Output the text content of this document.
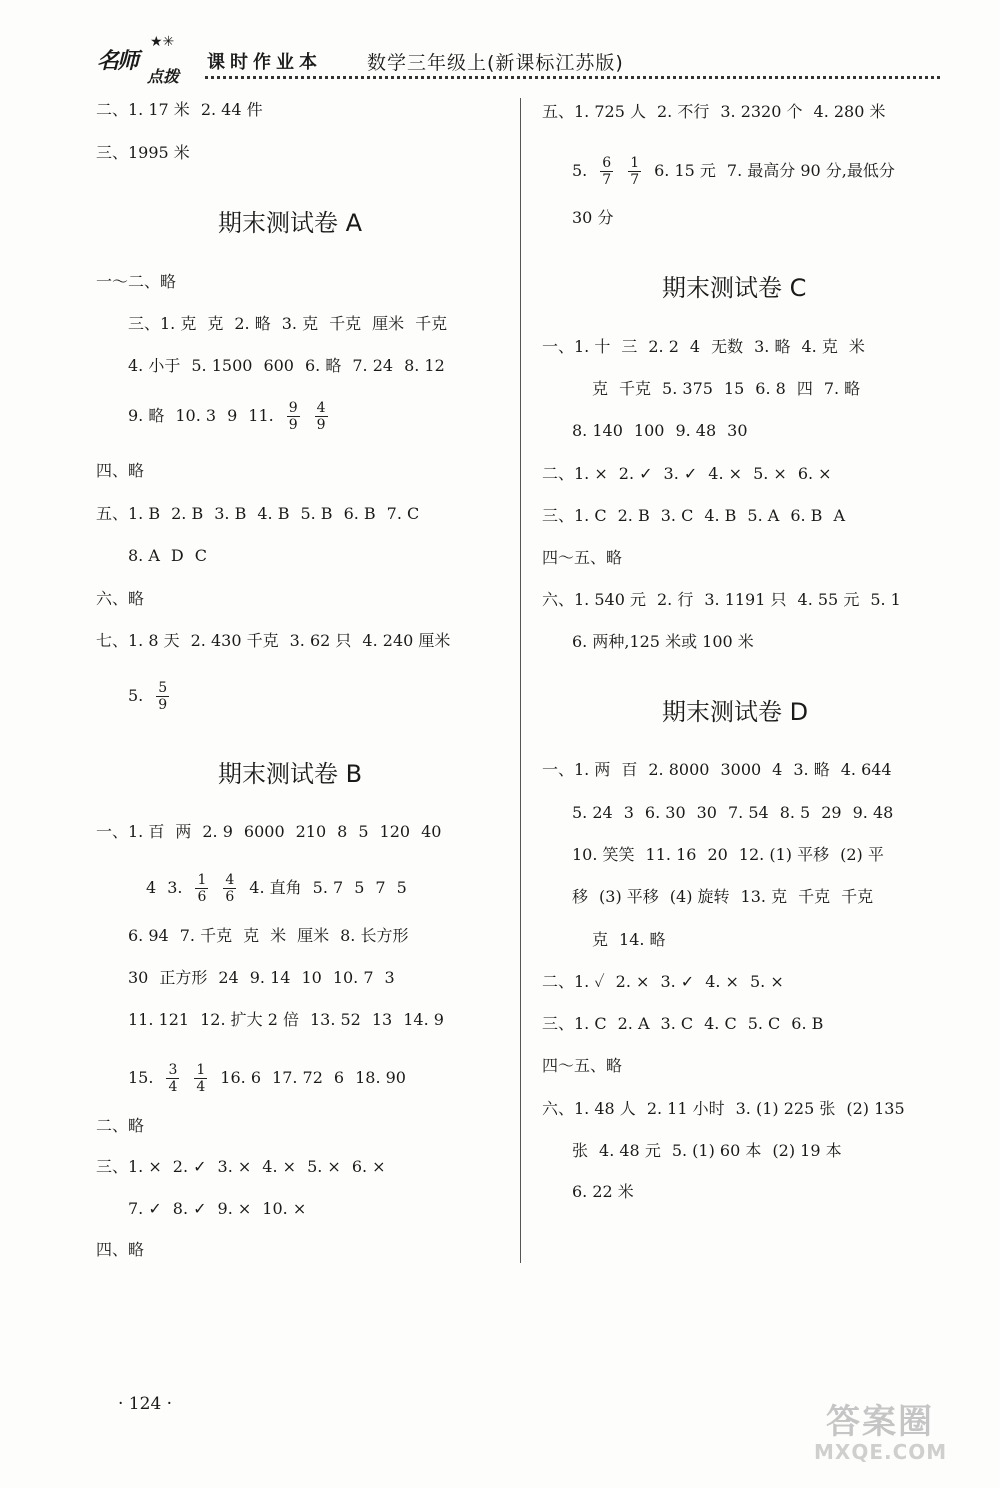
★✳
名师
点拨
课时作业本 数学三年级上(新课标江苏版)
二、1. 17 米 2. 44 件
三、1995 米
期末测试卷 A
一～二、略
三、1. 克 克 2. 略 3. 克 千克 厘米 千克
4. 小于 5. 1500 600 6. 略 7. 24 8. 12
9. 略 10. 3 9 11. $\frac{9}{9} \frac{4}{9}$
四、略
五、1. B 2. B 3. B 4. B 5. B 6. B 7. C
8. A D C
六、略
七、1. 8 天 2. 430 千克 3. 62 只 4. 240 厘米
5. $\frac{5}{9}$
期末测试卷 B
一、1. 百 两 2. 9 6000 210 8 5 120 40
4 3. $\frac{1}{6} \frac{4}{6} 4$. 直角 5. 7 5 7 5
6. 94 7. 千克 克 米 厘米 8. 长方形
30 正方形 24 9. 14 10 10. 7 3
11. 121 12. 扩大 2 倍 13. 52 13 14. 9
15. $\frac{3}{4} \frac{1}{4} 16$. 6 17. 72 6 18. 90
二、略
三、1. × 2. ✓ 3. × 4. × 5. × 6. ×
7. ✓ 8. ✓ 9. × 10. ×
四、略
五、1. 725 人 2. 不行 3. 2320 个 4. 280 米
5. $\frac{6}{7} \frac{1}{7} 6$. 15 元 7. 最高分 90 分,最低分
30 分
期末测试卷 C
一、1. 十 三 2. 2 4 无数 3. 略 4. 克 米
克 千克 5. 375 15 6. 8 四 7. 略
8. 140 100 9. 48 30
二、1. × 2. ✓ 3. ✓ 4. × 5. × 6. ×
三、1. C 2. B 3. C 4. B 5. A 6. B A
四～五、略
六、1. 540 元 2. 行 3. 1191 只 4. 55 元 5. 1
6. 两种,125 米或 100 米
期末测试卷 D
一、1. 两 百 2. 8000 3000 4 3. 略 4. 644
5. 24 3 6. 30 30 7. 54 8. 5 29 9. 48
10. 笑笑 11. 16 20 12. (1) 平移 (2) 平
移 (3) 平移 (4) 旋转 13. 克 千克 千克
克 14. 略
二、1. ✓ 2. × 3. ✓ 4. × 5. ×
三、1. C 2. A 3. C 4. C 5. C 6. B
四～五、略
六、1. 48 人 2. 11 小时 3. (1) 225 张 (2) 135
张 4. 48 元 5. (1) 60 本 (2) 19 本
6. 22 米
· 124 ·	答案圈
MXQE.COM
